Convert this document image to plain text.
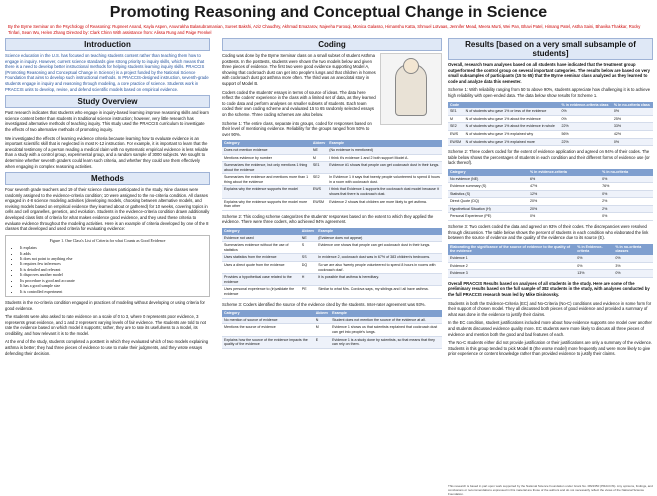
Promoting Reasoning and Conceptual Change in Science
By the Byrne Seminar on the Psychology of Reasoning: Rupneet Anand, Kayla Aspen, Anuvrakha Balasubramanian, Sureet Bakshi, Aziz Chaudhry, Akhmad Emazarov, Najeeha Farooqi, Monica Galasso, Himanshu Katta, Shmuel Lotvaas, Jennifer Mead, Meera Murti, Wei Pan, Bhavi Patel, Himang Patel, Astha Saini, Bhavika Thakkar, Rocky Tinfari, Sean Wu, Helen Zhang Directed by: Clark Chinn With assistance from: Alissa Rung and Paige Frenkel
Introduction

Science education in the U.S. has focused on teaching students content rather than teaching them how to engage in inquiry. However, current science standards give strong priority to inquiry skills, which means that there is a need to develop better instructional methods for helping students learning inquiry skills. PRACCIS (Promoting Reasoning and Conceptual Change in Science) is a project funded by the National Science Foundation that aims to develop such instructional methods. In PRACCIS-designed instruction, seventh-grade students engage in inquiry and reasoning through modeling, a core practice of science. Students work in PRACCIS units to develop, revise, and defend scientific models based on empirical evidence.

Study Overview

Past research indicates that students who engage in inquiry-based learning improve reasoning skills and learn science content better than students in traditional science instruction; however, very little research has investigated alternative methods of teaching inquiry. This study used the PRACCIS curriculum to investigate the effects of two alternative methods of promoting inquiry.

We investigated the effects of learning evidence criteria because learning how to evaluate evidence is an important scientific skill that is neglected in most K-12 instruction. For example, it is important to learn that the anecdotal testimony of a person reading a medical claim with no systematic empirical evidence is less reliable than a study with a control group, experimental group, and a random sample of 3000 subjects. We sought to determine whether seventh graders could learn such criteria, and whether they could use them effectively when engaging in complex reasoning activities.

Methods

Four seventh grade teachers and 19 of their science classes participated in the study. Nine classes were randomly assigned to the evidence-criteria condition; 10 were assigned to the no-criteria condition. All classes engaged in 4-8 science modeling activities (developing models, choosing between alternative models, and revising models based on empirical evidence they learned about or gathered) for 10 weeks, covering topics in cells and cell organelles, genetics, and evolution. Students in the evidence-criteria condition drawn additionally developed class lists of criteria for what makes evidence good evidence, and they used these criteria to evaluate evidence throughout the modeling activities. Here is an example of criteria developed by one of the 8 classes that developed and used criteria for evaluating evidence:

Figure 1. One Class's List of Criteria for what Counts as Good Evidence
• It explains
• It adds
• It does not point to anything else
• It requires few inferences
• It is detailed and relevant
• It disproves another model
• Its procedure is good and accurate
• It has a good sample size
• It is controlled experiment

Students in the no-criteria condition engaged in practices of modeling without developing or using criteria for good evidence.

The students were also asked to rate evidence on a scale of 0 to 3, where 0 represents poor evidence, 3 represents great evidence, and 1 and 2 represent varying levels of fair evidence. The students are told to not rate the evidence based on which model it supports; rather, they are to rate its usefulness to a model, its credibility, and how relevant it is to the model.

At the end of the study, students completed a posttest in which they evaluated which of two models explaining asthma is better; they had three pieces of evidence to use to make their judgments, and they wrote essays defending their decision.

Coding

Coding was done by the Byrne Seminar class on a small subset of student Asthma posttests. In the posttests, students were shown the two models below and given three pieces of evidence. The first two were good evidence supporting Model A, showing that cockroach dust can get into people's lungs and that children in homes with cockroach dust got asthma more often. The third was an anecdotal story in support of Model B.

Coders coded the students' essays in terms of source of ideas. The data here reflect the coders' experience in the class with a limited set of data, as they learned to code data and perform analyses on smaller subsets of students. Each team coded their own coding scheme and evaluated 15 to 65 randomly selected essays on the scheme. Three coding schemes are also below.

Scheme 1: The entire class, separate into groups, coded for responses based on their level of mentioning evidence. Reliability for the groups ranged from 50% to over 90%.

Category	Abbrev	Example
Does not mention evidence	NE	(No evidence is mentioned)
Mentions evidence by number	M	I think it's evidence 1 and 2 both support Model A.
Summarizes the evidence, but only mentions 1 thing about the evidence	SE1	Evidence #1 shows that people can get cockroach dust in their lungs.
Summarizes the evidence and mentions more than 1 thing about the evidence	SE2	In Evidence 1 it says that twenty people volunteered to spend 8 hours in a room with cockroach dust.
Explains why the evidence supports the model	EWS	I think that Evidence 1 supports the cockroach dust model because it shows that there is cockroach dust.
Explains why the evidence supports the model more than other	EWSM	Evidence 2 shows that children are more likely to get asthma.

Scheme 2: This coding scheme categorizes the students' responses based on the extent to which they applied the evidence. There were three coders, who achieved 94% agreement.

Category	Abbrev	Example
Evidence not used	NE	(Evidence does not appear)
Summarizes evidence without the use of statistics	S	Evidence one shows that people can get cockroach dust in their lungs.
Uses statistics from the evidence	SS	In evidence 2, cockroach dust was in 67% of 383 children's bedrooms.
Uses a direct quote from the evidence	DQ	So we are also 'twenty people volunteered to spend 8 hours in rooms with cockroach dust'.
Provides a hypothetical case related to the evidence	H	It is possible that asthma is hereditary.
Uses personal experience to (in)validate the evidence	PE	Similar to what Mrs. Cordova says, my siblings and I all have asthma.

Scheme 3: Coders identified the source of the evidence cited by the students. Inter-rater agreement was 93%.

Category	Abbrev	Example
No mention of source of evidence	N	Student does not mention the source of the evidence at all.
Mentions the source of evidence	M	Evidence 1 shows us that scientists explained that cockroach dust can get into people's lungs.
Explains how the source of the evidence impacts the quality of the evidence	E	Evidence 1 is a study done by scientists, so that means that they can rely on them.
Results [based on a very small subsample of students]

Overall, research team analyses based on all students have indicated that the treatment group outperformed the control group on several important categories. The results below are based on very small subsamples of participants (15 to 65) that the Byrne seminar class analyzed as they learned to code and analyze data this semester.

Scheme 1: With reliability ranging from 50 to above 90%, students appreciate how challenging it is to achieve high reliability with open-ended data. The data below show results for Scheme 1.

Code		% in evidence-criteria class	% in no-criteria class
SE1	N of students who gave 1% or less of the evidence	0%	0%
M	N of students who gave 1% about the evidence	0%	25%
SE2	N of students who gave 1% about the evidence in whole	22%	33%
EWS	N of students who gave 1% explained why	56%	42%
EWSM	N of students who gave 1% explained more	22%	0%

Scheme 2: Three coders coded for the extent of evidence application and agreed on 94% of their codes. The table below shows the percentages of students in each condition and their different forms of evidence use (or lack thereof).

Category	% in evidence-criteria	% in no-criteria
No evidence (NE)	6%	0%
Evidence summary (S)	47%	76%
Statistics (S)	12%	0%
Direct Quote (DQ)	20%	2%
Hypothetical Situation (H)	20%	2%
Personal Experience (PE)	0%	0%

Scheme 3: Two coders coded the data and agreed on 93% of their codes. The discrepancies were resolved through discussion. The table below shows the percent of students in each condition who elaborated the link between the source of evidence and the quality of the evidence due to its source (E).

Elaborating the significance of the source of evidence to the quality of the evidence	% in Evidence-criteria	% in no-criteria classes
Evidence 1	0%	0%
Evidence 2	0%	3%
Evidence 3	13%	0%

Overall PRACCIS Results based on analyses of all students in the study. Here are some of the preliminary results based on the full sample of 382 students in the study, with analyses conducted by the full PRACCIS research team led by Mike Disinovsky.

Students in both the Evidence-Criteria (EC) and No-Criteria (No-C) conditions used evidence in some form for their support of chosen model. They all discussed both pieces of good evidence and provided a summary of what was done in the evidence to justify their claims.

In the EC condition, student justifications included more about how evidence supports one model over another and students discussed evidence quality more. EC students were more likely to discuss all three pieces of evidence and mention both the good and bad features of each.

The No-C students either did not provide justification or their justifications are only a summary of the evidence. Students in this group tended to pick Model B (the worse model) more frequently and were more likely to give prior experience or content knowledge rather than provided evidence to justify their claims.

This research is based in part upon work supported by the National Science Foundation under Grant No. 0822350 (PRACCIS). Any opinions, findings, and conclusions or recommendations expressed in this material are those of the authors and do not necessarily reflect the views of the National Science Foundation.
